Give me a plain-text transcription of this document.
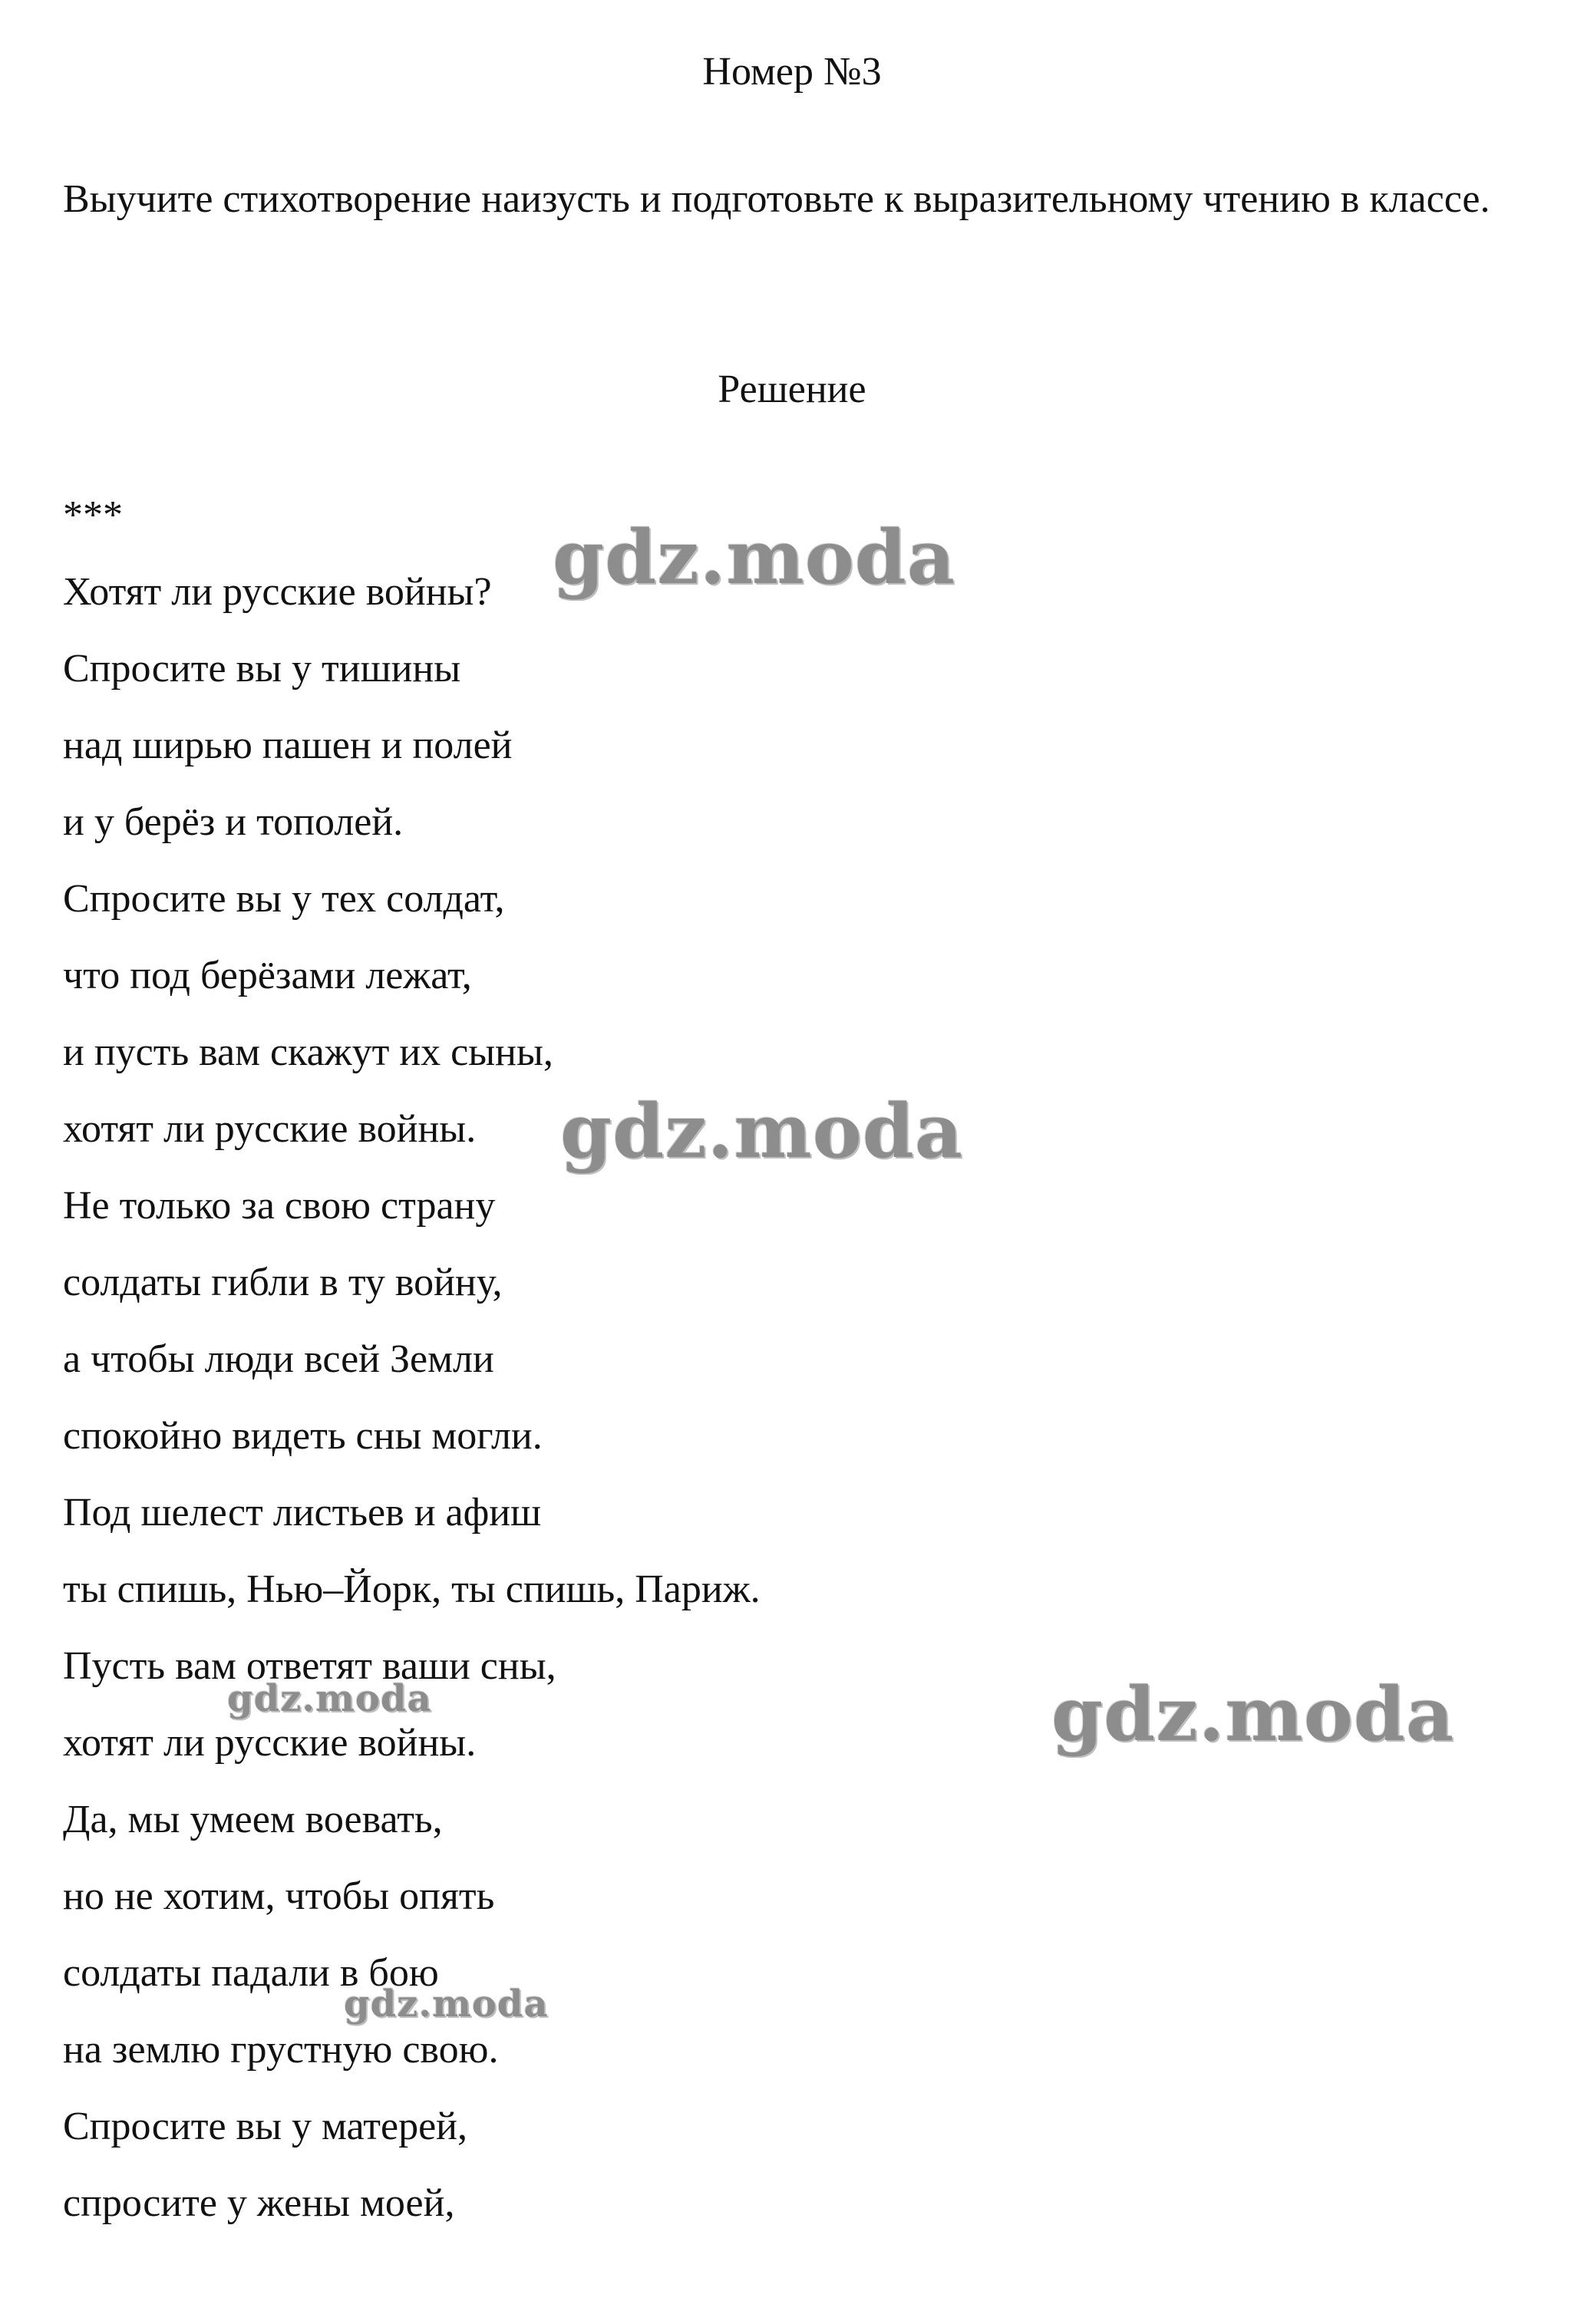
Номер №3

Выучите стихотворение наизусть и подготовьте к выразительному чтению в классе.

Решение
***
Хотят ли русские войны?
Спросите вы у тишины
над ширью пашен и полей
и у берёз и тополей.
Спросите вы у тех солдат,
что под берёзами лежат,
и пусть вам скажут их сыны,
хотят ли русские войны.
Не только за свою страну
солдаты гибли в ту войну,
а чтобы люди всей Земли
спокойно видеть сны могли.
Под шелест листьев и афиш
ты спишь, Нью–Йорк, ты спишь, Париж.
Пусть вам ответят ваши сны,
хотят ли русские войны.
Да, мы умеем воевать,
но не хотим, чтобы опять
солдаты падали в бою
на землю грустную свою.
Спросите вы у матерей,
спросите у жены моей,
gdz.moda
gdz.moda
gdz.moda
gdz.moda
gdz.moda
